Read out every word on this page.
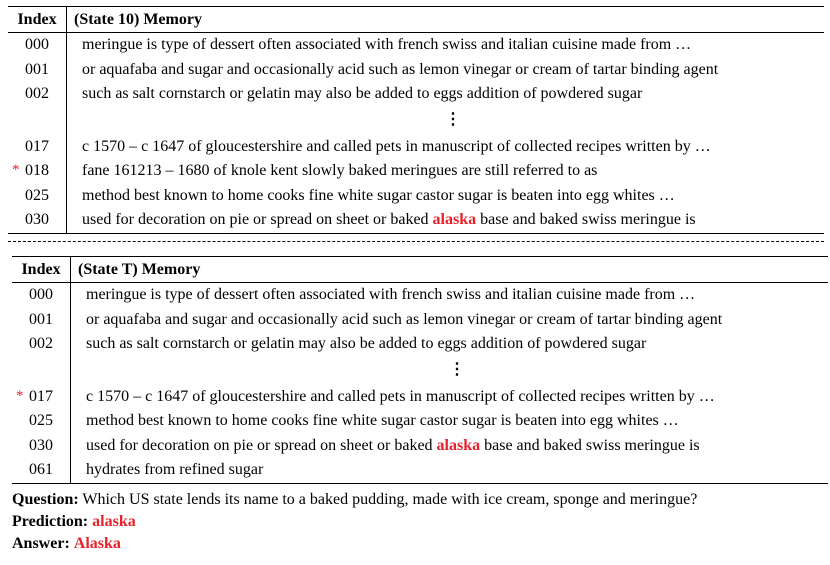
Index	(State 10) Memory
000	meringue is type of dessert often associated with french swiss and italian cuisine made from …
001	or aquafaba and sugar and occasionally acid such as lemon vinegar or cream of tartar binding agent
002	such as salt cornstarch or gelatin may also be added to eggs addition of powdered sugar
⋮
017	c 1570 – c 1647 of gloucestershire and called pets in manuscript of collected recipes written by …
* 018	fane 161213 – 1680 of knole kent slowly baked meringues are still referred to as
025	method best known to home cooks fine white sugar castor sugar is beaten into egg whites …
030	used for decoration on pie or spread on sheet or baked alaska base and baked swiss meringue is
Index	(State T) Memory
000	meringue is type of dessert often associated with french swiss and italian cuisine made from …
001	or aquafaba and sugar and occasionally acid such as lemon vinegar or cream of tartar binding agent
002	such as salt cornstarch or gelatin may also be added to eggs addition of powdered sugar
⋮
* 017	c 1570 – c 1647 of gloucestershire and called pets in manuscript of collected recipes written by …
025	method best known to home cooks fine white sugar castor sugar is beaten into egg whites …
030	used for decoration on pie or spread on sheet or baked alaska base and baked swiss meringue is
061	hydrates from refined sugar
Question: Which US state lends its name to a baked pudding, made with ice cream, sponge and meringue?
Prediction: alaska
Answer: Alaska
